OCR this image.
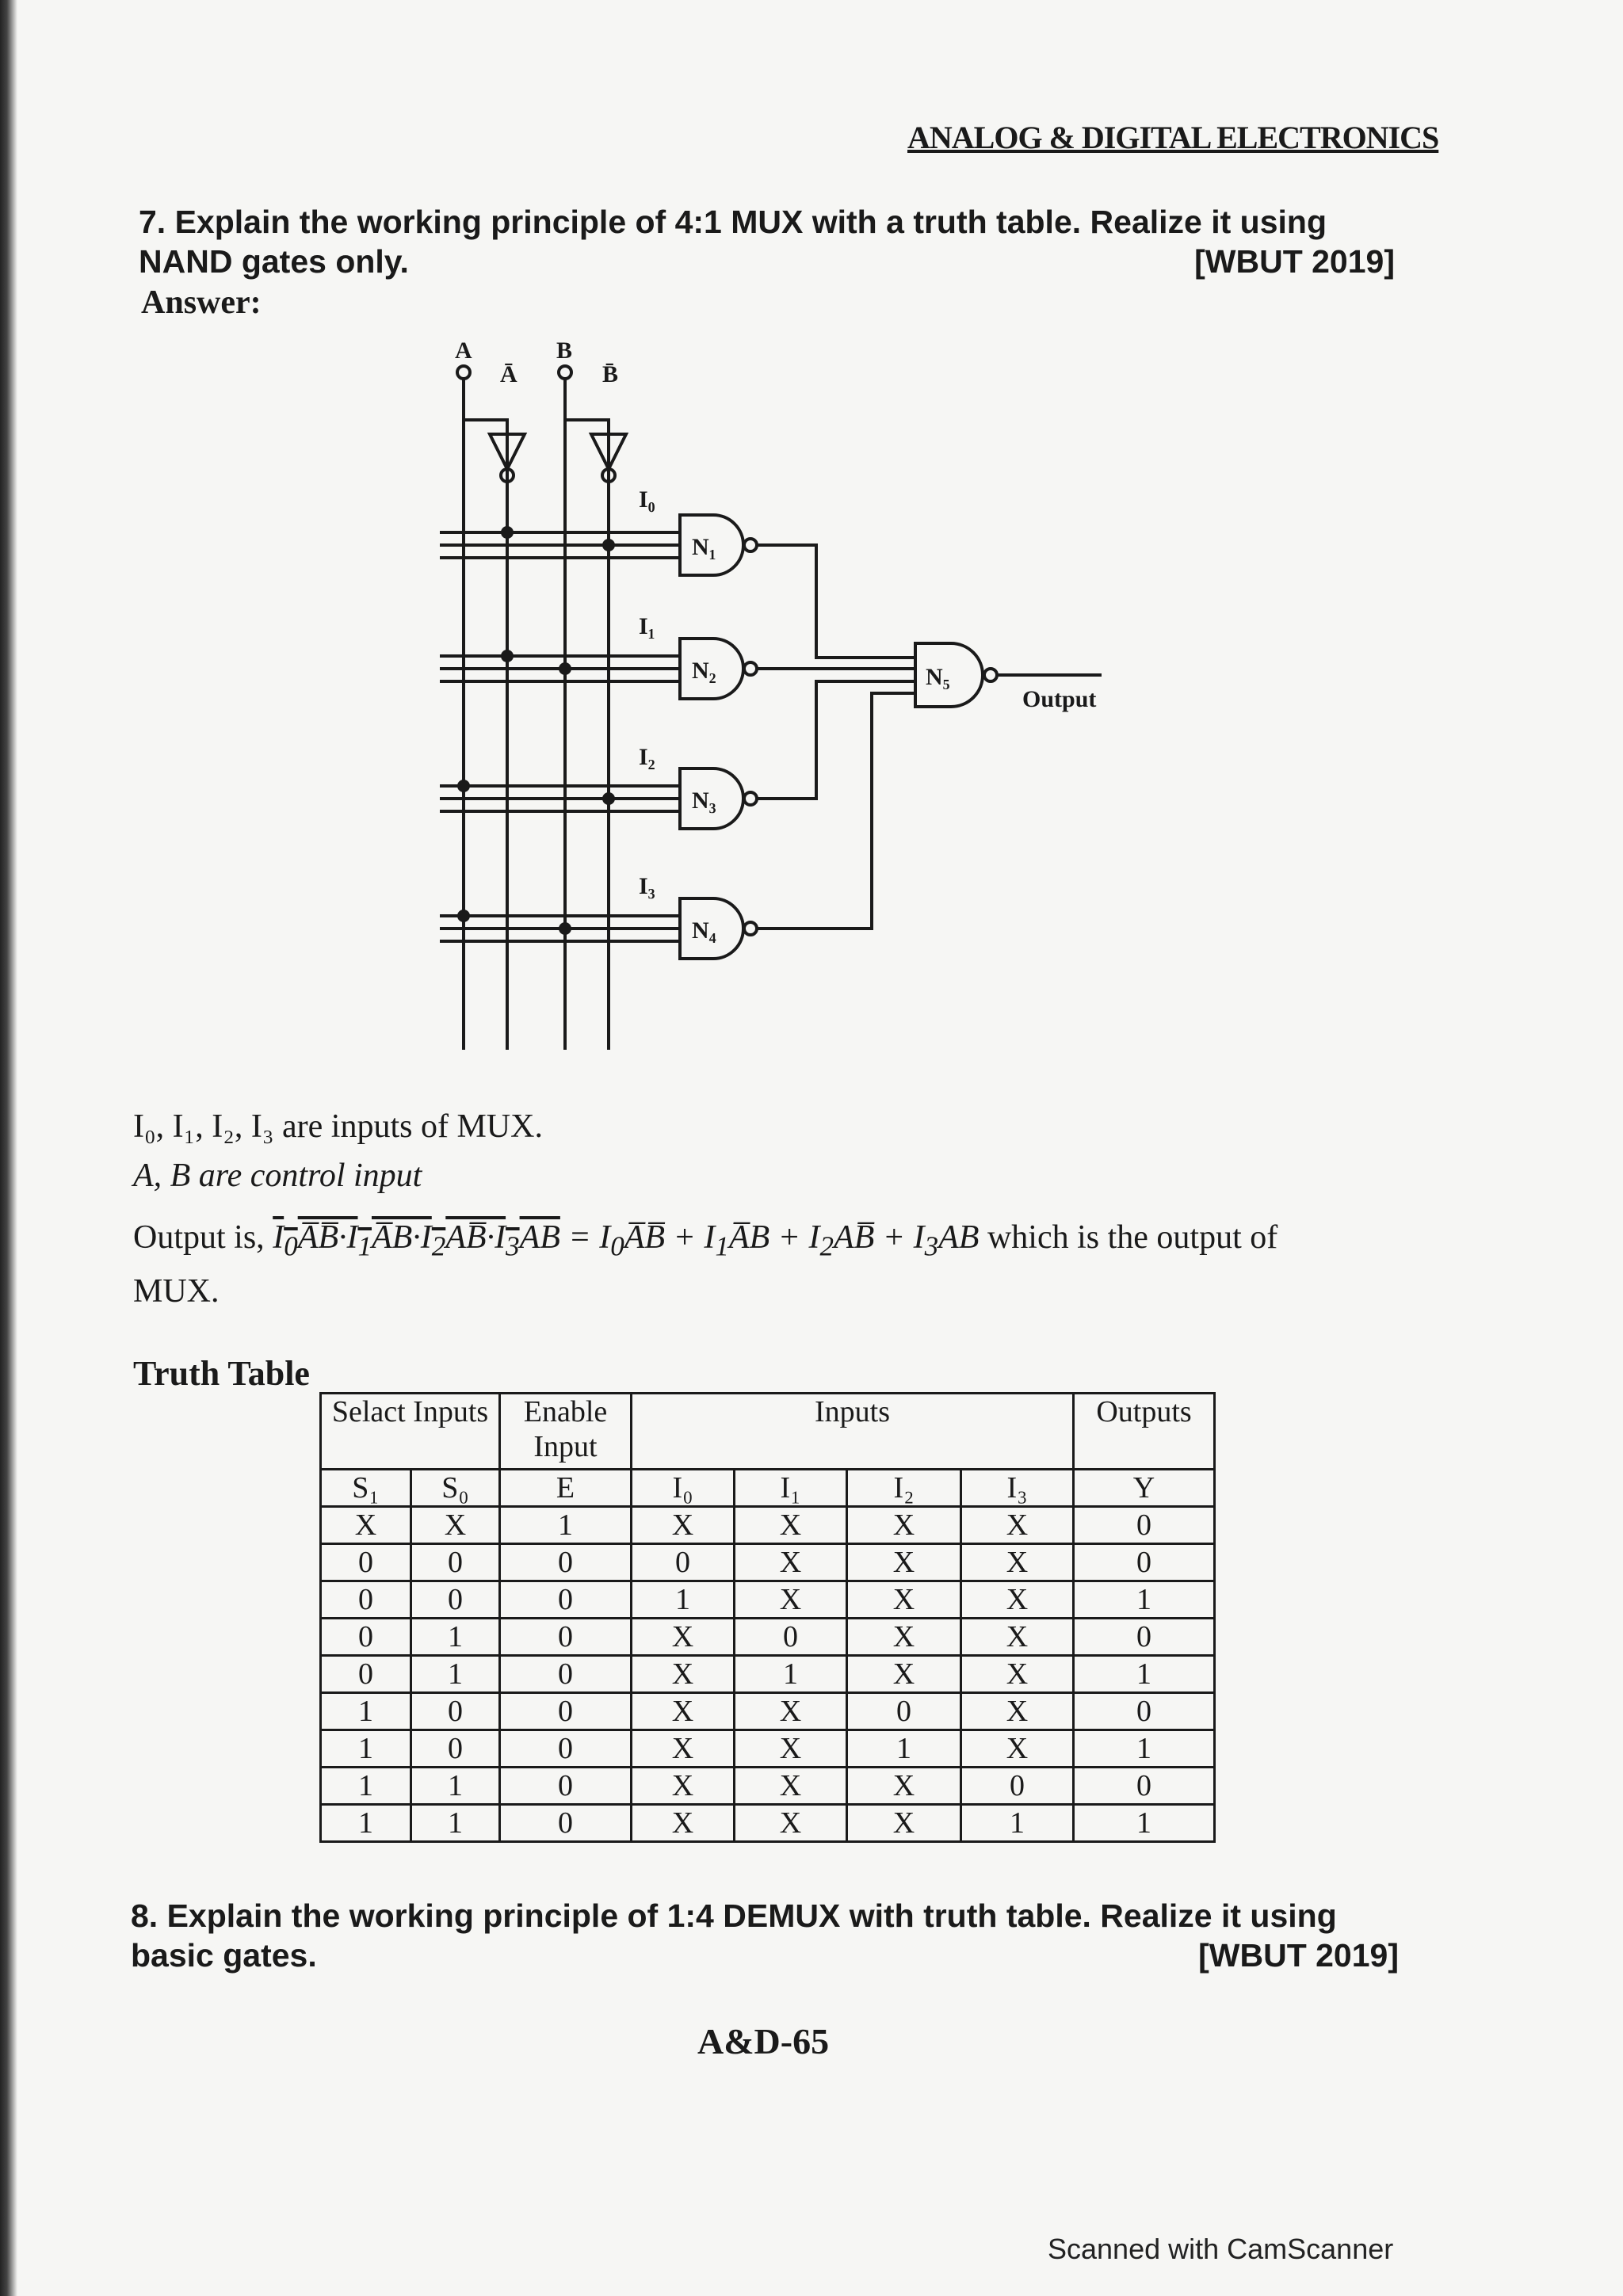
ANALOG & DIGITAL ELECTRONICS
7. Explain the working principle of 4:1 MUX with a truth table. Realize it using
NAND gates only.	[WBUT 2019]
Answer:
A
Ā
B
B̄
I₀
I₁
I₂
I₃
N₁
N₂
N₃
N₄
N₅
Output
I₀, I₁, I₂, I₃ are inputs of MUX.
A, B are control input
Output is, $I_0A̅B̅\cdot I_1A̅B\cdot I_2AB̅\cdot I_3AB$ = $I_0A̅B̅$ + $I_1A̅B$ + $I_2AB̅ + I_3AB$ which is the output of
MUX.
Truth Table
Selact Inputs		Enable Input	Inputs				Outputs
S₁	S₀	E	I₀	I₁	I₂	I₃	Y
X	X	1	X	X	X	X	0
0	0	0	0	X	X	X	0
0	0	0	1	X	X	X	1
0	1	0	X	0	X	X	0
0	1	0	X	1	X	X	1
1	0	0	X	X	0	X	0
1	0	0	X	X	1	X	1
1	1	0	X	X	X	0	0
1	1	0	X	X	X	1	1
8. Explain the working principle of 1:4 DEMUX with truth table. Realize it using
basic gates.	[WBUT 2019]
A&D-65
Scanned with CamScanner
